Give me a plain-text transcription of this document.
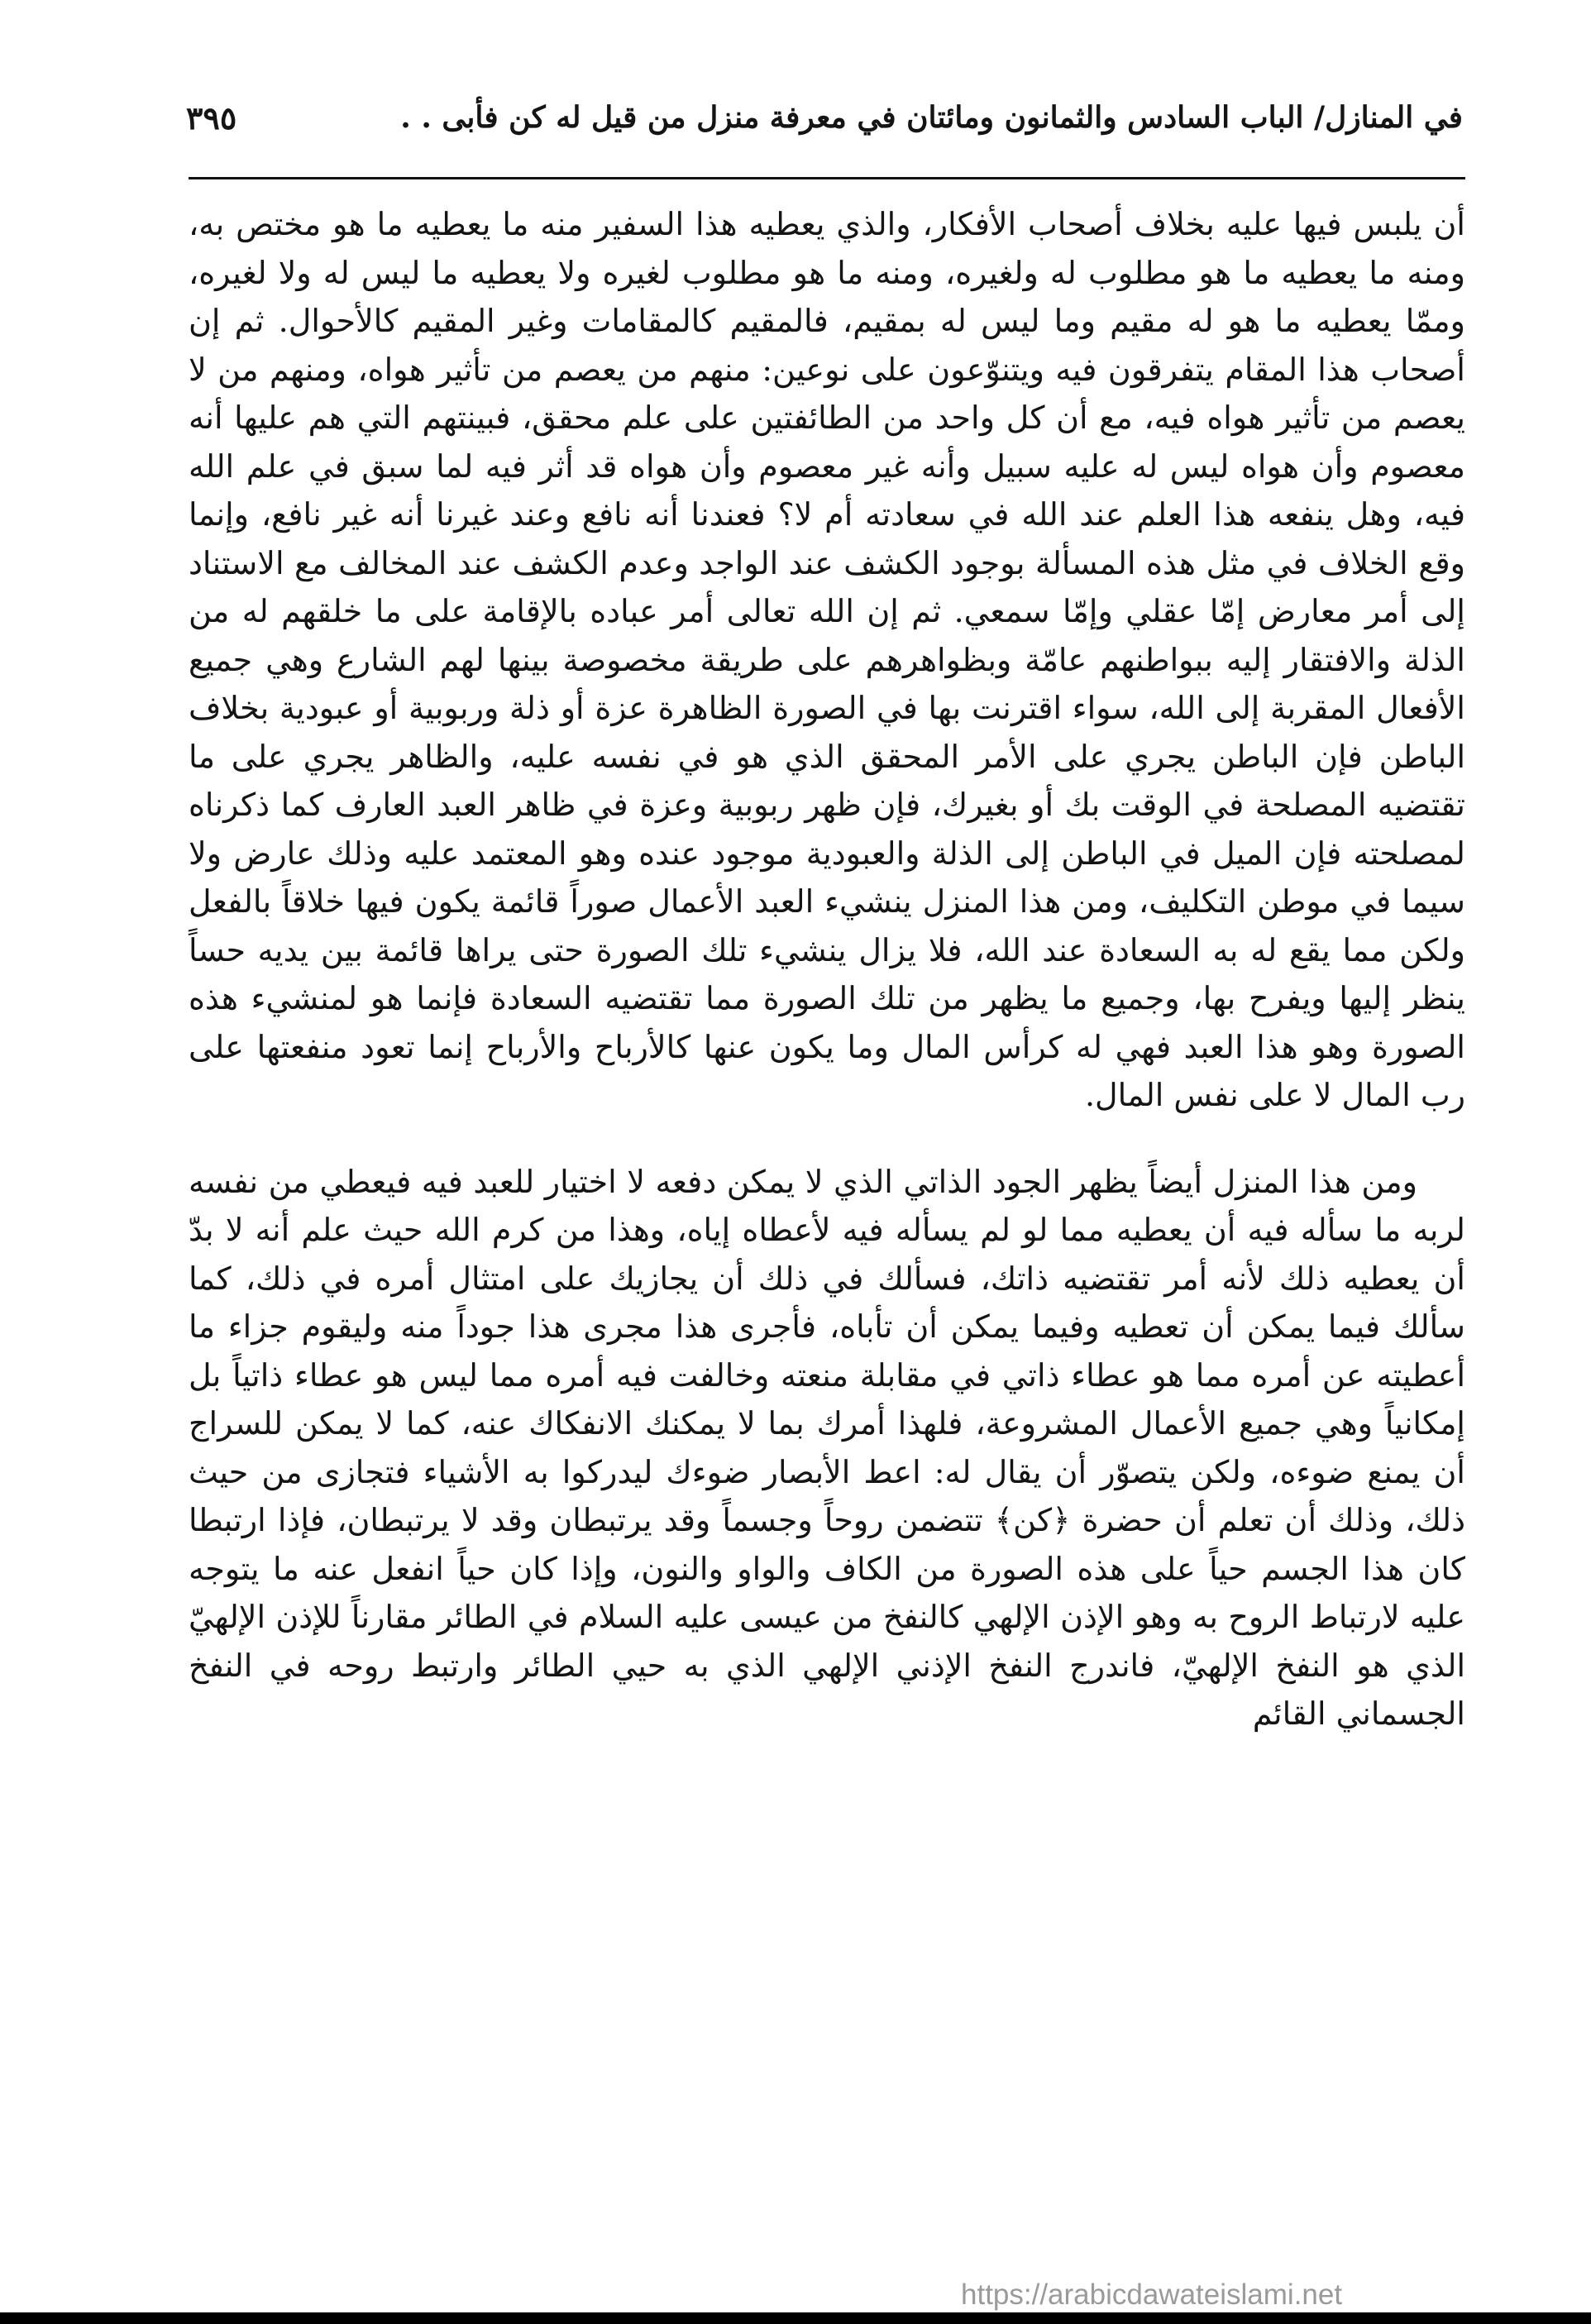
في المنازل/ الباب السادس والثمانون ومائتان في معرفة منزل من قيل له كن فأبى . .
٣٩٥

أن يلبس فيها عليه بخلاف أصحاب الأفكار، والذي يعطيه هذا السفير منه ما يعطيه ما هو مختص به، ومنه ما يعطيه ما هو مطلوب له ولغيره، ومنه ما هو مطلوب لغيره ولا يعطيه ما ليس له ولا لغيره، وممّا يعطيه ما هو له مقيم وما ليس له بمقيم، فالمقيم كالمقامات وغير المقيم كالأحوال. ثم إن أصحاب هذا المقام يتفرقون فيه ويتنوّعون على نوعين: منهم من يعصم من تأثير هواه، ومنهم من لا يعصم من تأثير هواه فيه، مع أن كل واحد من الطائفتين على علم محقق، فبينتهم التي هم عليها أنه معصوم وأن هواه ليس له عليه سبيل وأنه غير معصوم وأن هواه قد أثر فيه لما سبق في علم الله فيه، وهل ينفعه هذا العلم عند الله في سعادته أم لا؟ فعندنا أنه نافع وعند غيرنا أنه غير نافع، وإنما وقع الخلاف في مثل هذه المسألة بوجود الكشف عند الواجد وعدم الكشف عند المخالف مع الاستناد إلى أمر معارض إمّا عقلي وإمّا سمعي. ثم إن الله تعالى أمر عباده بالإقامة على ما خلقهم له من الذلة والافتقار إليه ببواطنهم عامّة وبظواهرهم على طريقة مخصوصة بينها لهم الشارع وهي جميع الأفعال المقربة إلى الله، سواء اقترنت بها في الصورة الظاهرة عزة أو ذلة وربوبية أو عبودية بخلاف الباطن فإن الباطن يجري على الأمر المحقق الذي هو في نفسه عليه، والظاهر يجري على ما تقتضيه المصلحة في الوقت بك أو بغيرك، فإن ظهر ربوبية وعزة في ظاهر العبد العارف كما ذكرناه لمصلحته فإن الميل في الباطن إلى الذلة والعبودية موجود عنده وهو المعتمد عليه وذلك عارض ولا سيما في موطن التكليف، ومن هذا المنزل ينشيء العبد الأعمال صوراً قائمة يكون فيها خلاقاً بالفعل ولكن مما يقع له به السعادة عند الله، فلا يزال ينشيء تلك الصورة حتى يراها قائمة بين يديه حساً ينظر إليها ويفرح بها، وجميع ما يظهر من تلك الصورة مما تقتضيه السعادة فإنما هو لمنشيء هذه الصورة وهو هذا العبد فهي له كرأس المال وما يكون عنها كالأرباح والأرباح إنما تعود منفعتها على رب المال لا على نفس المال.

ومن هذا المنزل أيضاً يظهر الجود الذاتي الذي لا يمكن دفعه لا اختيار للعبد فيه فيعطي من نفسه لربه ما سأله فيه أن يعطيه مما لو لم يسأله فيه لأعطاه إياه، وهذا من كرم الله حيث علم أنه لا بدّ أن يعطيه ذلك لأنه أمر تقتضيه ذاتك، فسألك في ذلك أن يجازيك على امتثال أمره في ذلك، كما سألك فيما يمكن أن تعطيه وفيما يمكن أن تأباه، فأجرى هذا مجرى هذا جوداً منه وليقوم جزاء ما أعطيته عن أمره مما هو عطاء ذاتي في مقابلة منعته وخالفت فيه أمره مما ليس هو عطاء ذاتياً بل إمكانياً وهي جميع الأعمال المشروعة، فلهذا أمرك بما لا يمكنك الانفكاك عنه، كما لا يمكن للسراج أن يمنع ضوءه، ولكن يتصوّر أن يقال له: اعط الأبصار ضوءك ليدركوا به الأشياء فتجازى من حيث ذلك، وذلك أن تعلم أن حضرة ﴿كن﴾ تتضمن روحاً وجسماً وقد يرتبطان وقد لا يرتبطان، فإذا ارتبطا كان هذا الجسم حياً على هذه الصورة من الكاف والواو والنون، وإذا كان حياً انفعل عنه ما يتوجه عليه لارتباط الروح به وهو الإذن الإلهي كالنفخ من عيسى عليه السلام في الطائر مقارناً للإذن الإلهيّ الذي هو النفخ الإلهيّ، فاندرج النفخ الإذني الإلهي الذي به حيي الطائر وارتبط روحه في النفخ الجسماني القائم

https://arabicdawateislami.net
